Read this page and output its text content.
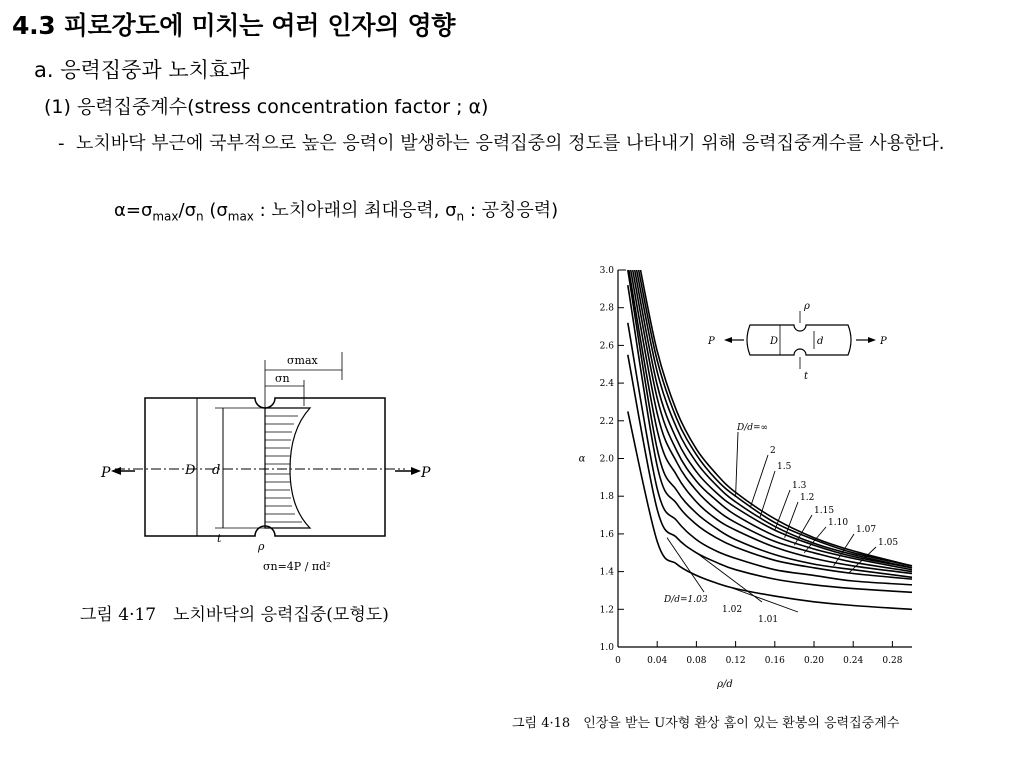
4.3 피로강도에 미치는 여러 인자의 영향
a. 응력집중과 노치효과
(1) 응력집중계수(stress concentration factor ; α)
- 노치바닥 부근에 국부적으로 높은 응력이 발생하는 응력집중의 정도를 나타내기 위해 응력집중계수를 사용한다.
$\alpha=\sigma_{max}/\sigma_n$ ($\sigma_{max}$ : 노치아래의 최대응력, $\sigma_n$ : 공칭응력)
σmax
σn
P	P
D d
t
ρ
σn=4P / πd²
그림 4·17　노치바닥의 응력집중(모형도)
1.0
1.2
1.4
1.6
1.8
2.0
2.2
2.4
2.6
2.8
3.0
0	0.04 0.08 0.12 0.16 0.20 0.24 0.28
ρ/d
α
D/d=∞
2
1.5
1.3
1.2
1.15
1.10
1.07
1.05
D/d=1.03
1.02
1.01
P	P
D	d
ρ
t
그림 4·18　인장을 받는 U자형 환상 홈이 있는 환봉의 응력집중계수
